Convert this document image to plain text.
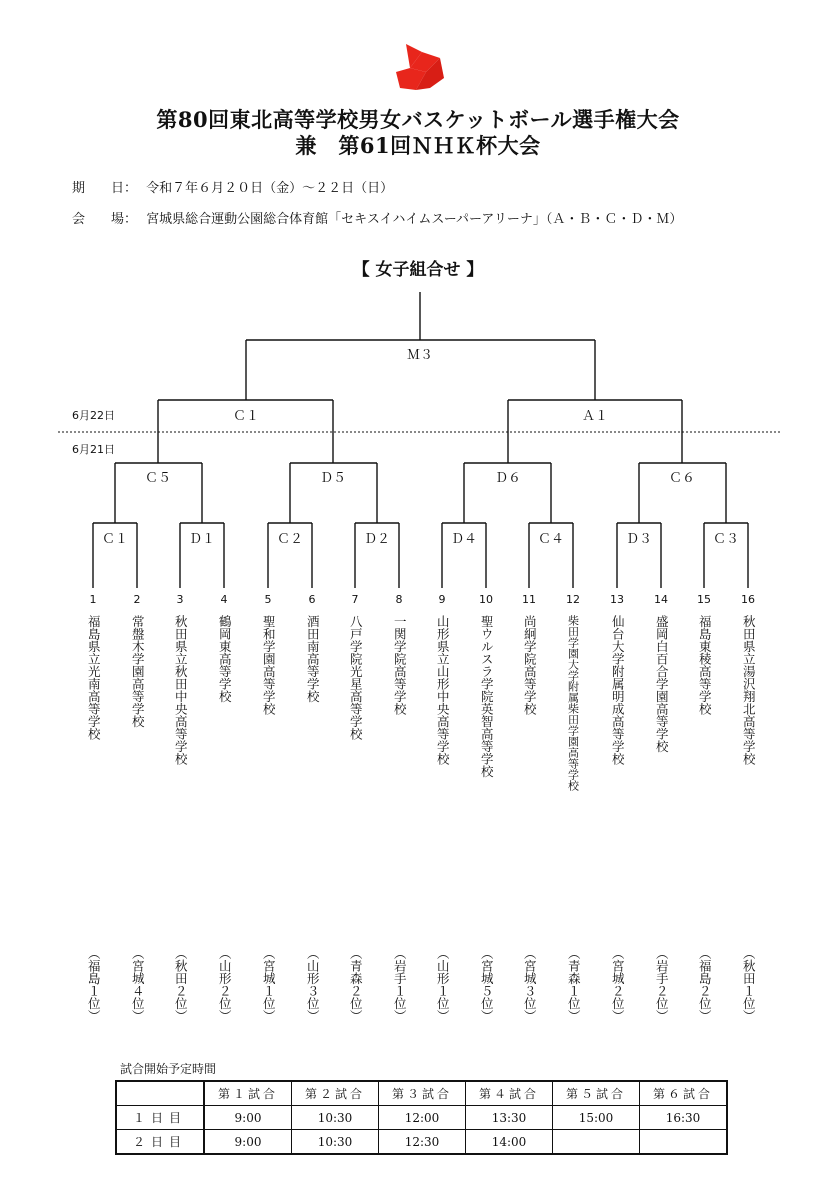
第80回東北高等学校男女バスケットボール選手権大会
兼　第61回ＮＨＫ杯大会
期　　日： 令和７年６月２０日（金）～２２日（日）
会　　場： 宮城県総合運動公園総合体育館「セキスイハイムスーパーアリーナ」（Ａ・Ｂ・Ｃ・Ｄ・Ｍ）
【 女子組合せ 】
6月22日
6月21日
Ｍ３
Ｃ１	Ａ１
Ｃ５	Ｄ５	Ｄ６	Ｃ６
Ｃ１	Ｄ１	Ｃ２	Ｄ２	Ｄ４	Ｃ４	Ｄ３	Ｃ３
1
福島県立光南高等学校
（福島１位）
2
常盤木学園高等学校
（宮城４位）
3
秋田県立秋田中央高等学校
（秋田２位）
4
鶴岡東高等学校
（山形２位）
5
聖和学園高等学校
（宮城１位）
6
酒田南高等学校
（山形３位）
7
八戸学院光星高等学校
（青森２位）
8
一関学院高等学校
（岩手１位）
9
山形県立山形中央高等学校
（山形１位）
10
聖ウルスラ学院英智高等学校
（宮城５位）
11
尚絅学院高等学校
（宮城３位）
12
柴田学園大学附属柴田学園高等学校
（青森１位）
13
仙台大学附属明成高等学校
（宮城２位）
14
盛岡白百合学園高等学校
（岩手２位）
15
福島東稜高等学校
（福島２位）
16
秋田県立湯沢翔北高等学校
（秋田１位）
試合開始予定時間
	第１試合	第２試合	第３試合	第４試合	第５試合	第６試合
１日目	9:00	10:30	12:00	13:30	15:00	16:30
２日目	9:00	10:30	12:30	14:00		
